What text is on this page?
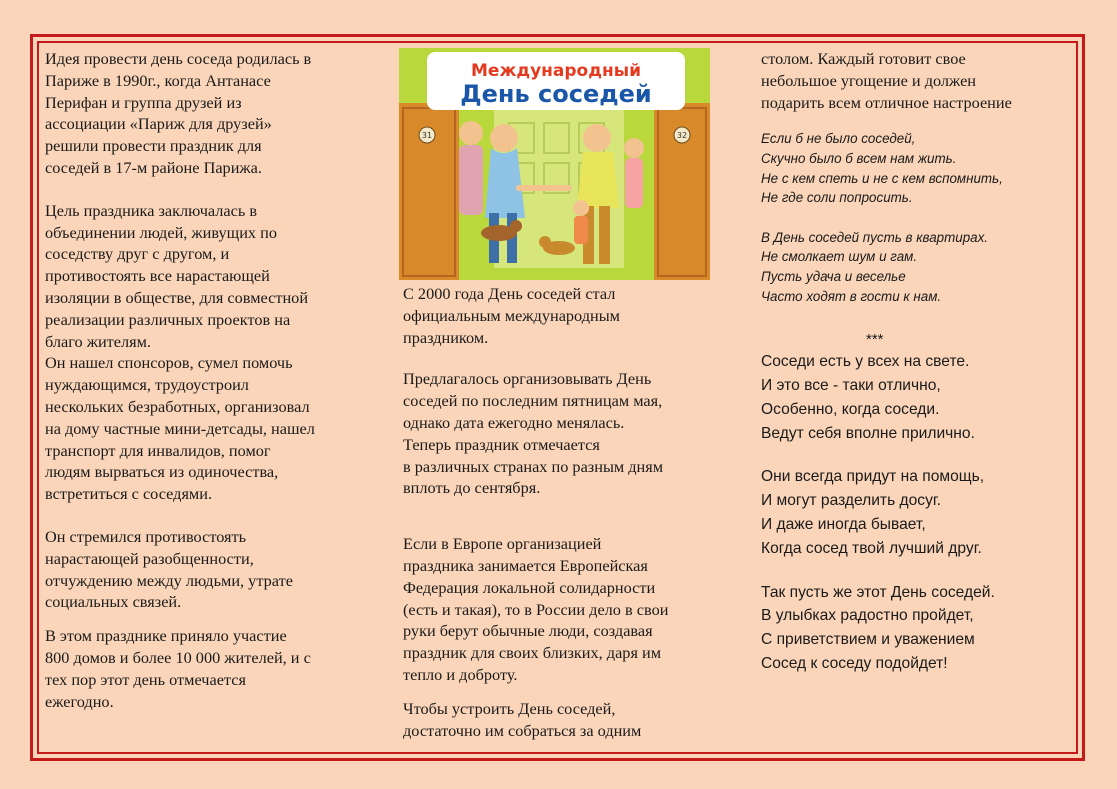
Идея провести день соседа родилась в
Париже в 1990г., когда Антанасе
Перифан и группа друзей из
ассоциации «Париж для друзей»
решили провести праздник для
соседей в 17-м районе Парижа.

Цель праздника заключалась в
объединении людей, живущих по
соседству друг с другом, и
противостоять все нарастающей
изоляции в обществе, для совместной
реализации различных проектов на
благо жителям.
Он нашел спонсоров, сумел помочь
нуждающимся, трудоустроил
нескольких безработных, организовал
на дому частные мини-детсады, нашел
транспорт для инвалидов, помог
людям вырваться из одиночества,
встретиться с соседями.

Он стремился противостоять
нарастающей разобщенности,
отчуждению между людьми, утрате
социальных связей.

В этом празднике приняло участие
800 домов и более 10 000 жителей, и с
тех пор этот день отмечается
ежегодно.

31	32
Международный
День соседей

С 2000 года День соседей стал
официальным международным
праздником.

Предлагалось организовывать День
соседей по последним пятницам мая,
однако дата ежегодно менялась.
Теперь праздник отмечается
в различных странах по разным дням
вплоть до сентября.

Если в Европе организацией
праздника занимается Европейская
Федерация локальной солидарности
(есть и такая), то в России дело в свои
руки берут обычные люди, создавая
праздник для своих близких, даря им
тепло и доброту.

Чтобы устроить День соседей,
достаточно им собраться за одним

столом. Каждый готовит свое
небольшое угощение и должен
подарить всем отличное настроение

Если б не было соседей,
Скучно было б всем нам жить.
Не с кем спеть и не с кем вспомнить,
Не где соли попросить.

В День соседей пусть в квартирах.
Не смолкает шум и гам.
Пусть удача и веселье
Часто ходят в гости к нам.

***

Соседи есть у всех на свете.
И это все - таки отлично,
Особенно, когда соседи.
Ведут себя вполне прилично.

Они всегда придут на помощь,
И могут разделить досуг.
И даже иногда бывает,
Когда сосед твой лучший друг.

Так пусть же этот День соседей.
В улыбках радостно пройдет,
С приветствием и уважением
Сосед к соседу подойдет!
